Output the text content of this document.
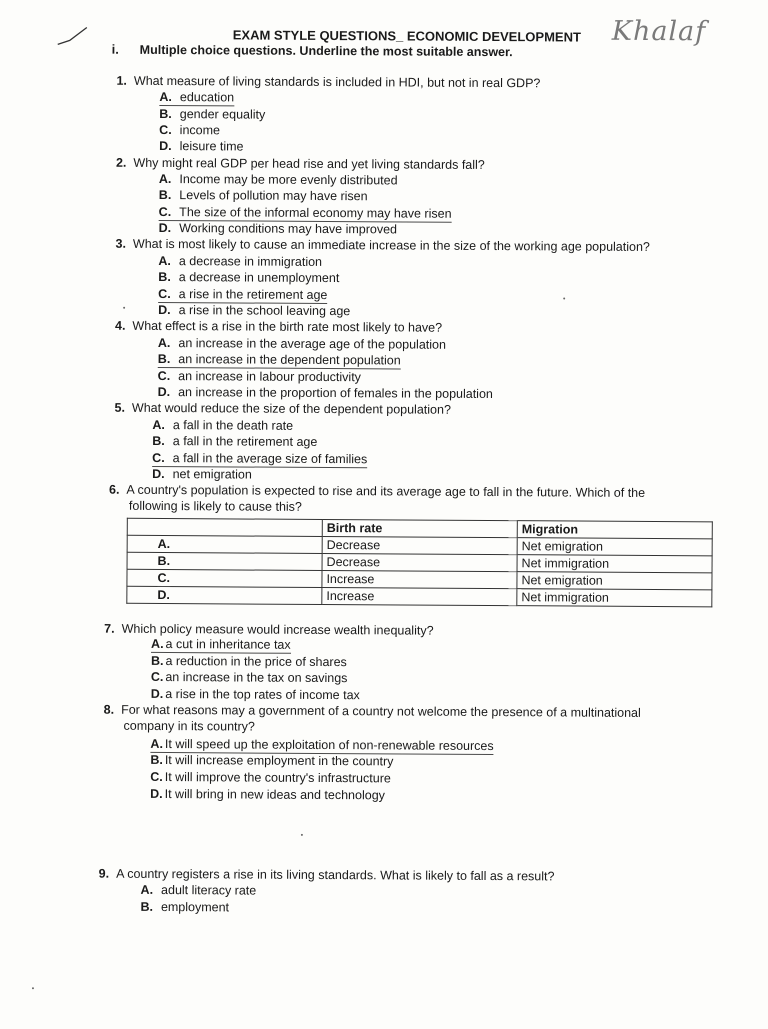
Khalaf
EXAM STYLE QUESTIONS_ ECONOMIC DEVELOPMENT
i. Multiple choice questions. Underline the most suitable answer.
1. What measure of living standards is included in HDI, but not in real GDP?
A. education
B. gender equality
C. income
D. leisure time
2. Why might real GDP per head rise and yet living standards fall?
A. Income may be more evenly distributed
B. Levels of pollution may have risen
C. The size of the informal economy may have risen
D. Working conditions may have improved
3. What is most likely to cause an immediate increase in the size of the working age population?
A. a decrease in immigration
B. a decrease in unemployment
C. a rise in the retirement age
D. a rise in the school leaving age
4. What effect is a rise in the birth rate most likely to have?
A. an increase in the average age of the population
B. an increase in the dependent population
C. an increase in labour productivity
D. an increase in the proportion of females in the population
5. What would reduce the size of the dependent population?
A. a fall in the death rate
B. a fall in the retirement age
C. a fall in the average size of families
D. net emigration
6. A country's population is expected to rise and its average age to fall in the future. Which of the
following is likely to cause this?
	Birth rate	Migration
A.	Decrease	Net emigration
B.	Decrease	Net immigration
C.	Increase	Net emigration
D.	Increase	Net immigration
7. Which policy measure would increase wealth inequality?
A. a cut in inheritance tax
B. a reduction in the price of shares
C. an increase in the tax on savings
D. a rise in the top rates of income tax
8. For what reasons may a government of a country not welcome the presence of a multinational
company in its country?
A. It will speed up the exploitation of non-renewable resources
B. It will increase employment in the country
C. It will improve the country's infrastructure
D. It will bring in new ideas and technology
9. A country registers a rise in its living standards. What is likely to fall as a result?
A. adult literacy rate
B. employment
